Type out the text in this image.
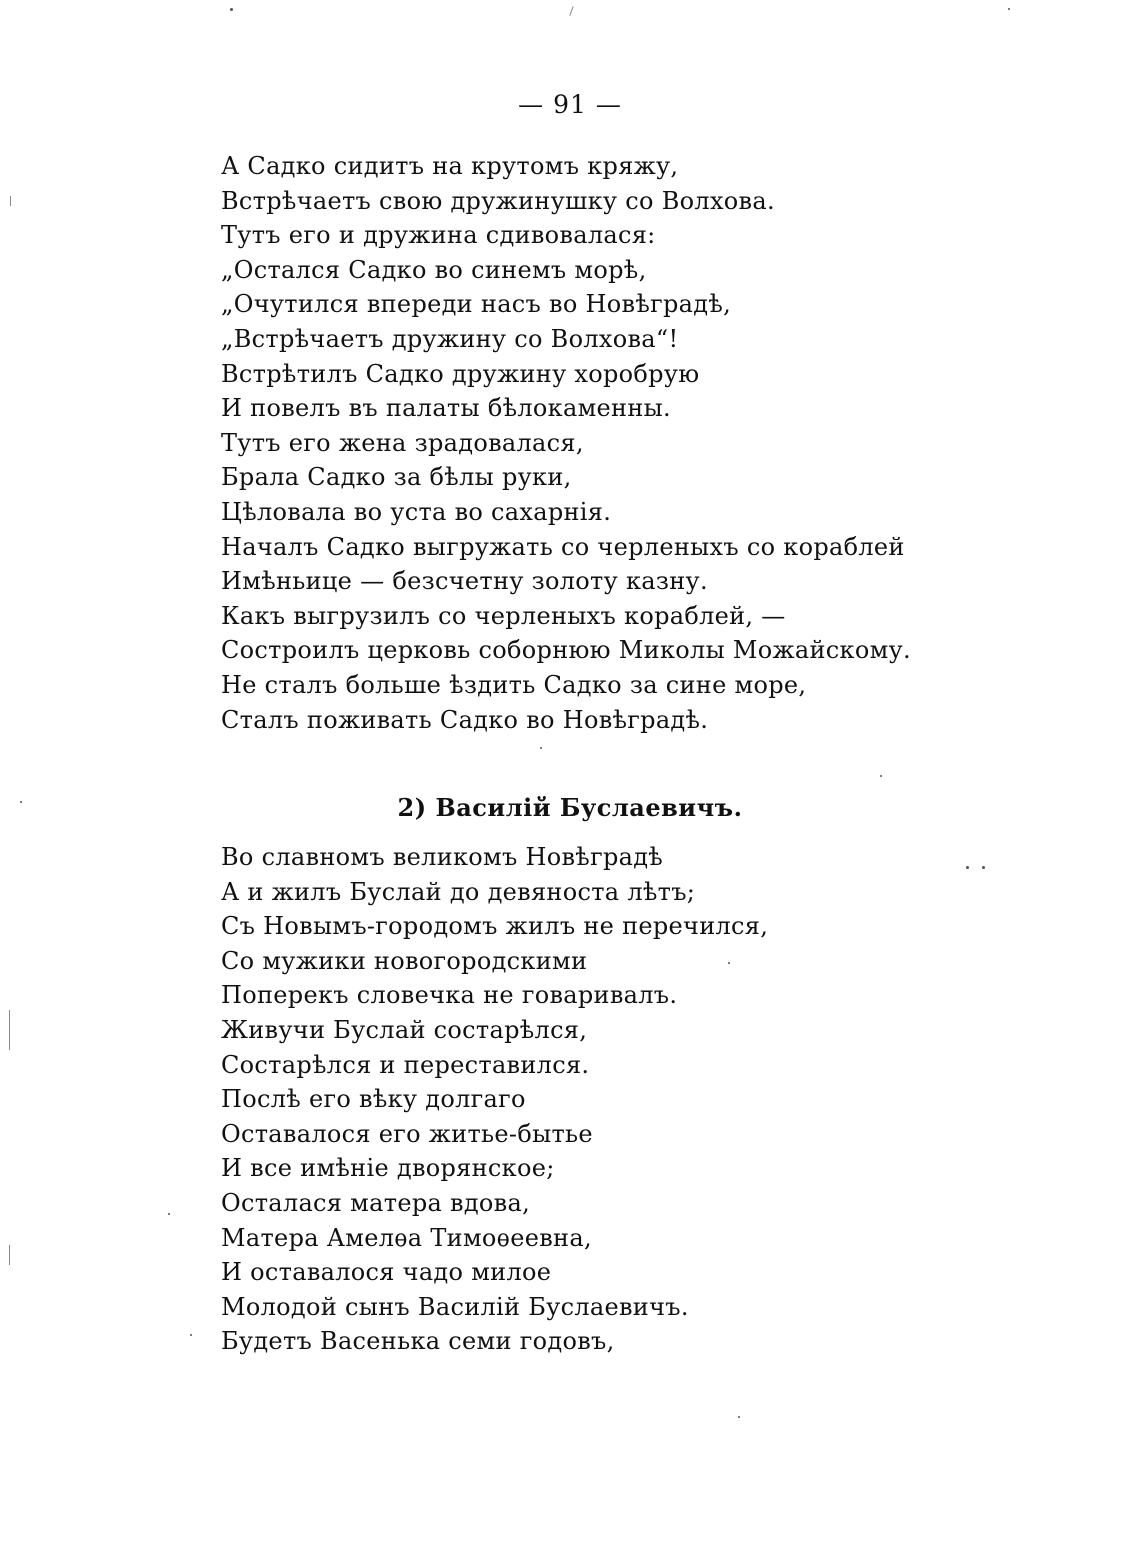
— 91 —
А Садко сидитъ на крутомъ кряжу,
Встрѣчаетъ свою дружинушку со Волхова.
Тутъ его и дружина сдивовалася:
„Остался Садко во синемъ морѣ,
„Очутился впереди насъ во Новѣградѣ,
„Встрѣчаетъ дружину со Волхова“!
Встрѣтилъ Садко дружину хоробрую
И повелъ въ палаты бѣлокаменны.
Тутъ его жена зрадовалася,
Брала Садко за бѣлы руки,
Цѣловала во уста во сахарнія.
Началъ Садко выгружать со черленыхъ со кораблей
Имѣньице — безсчетну золоту казну.
Какъ выгрузилъ со черленыхъ кораблей, —
Состроилъ церковь соборнюю Миколы Можайскому.
Не сталъ больше ѣздить Садко за сине море,
Сталъ поживать Садко во Новѣградѣ.
2) Василій Буслаевичъ.
Во славномъ великомъ Новѣградѣ
А и жилъ Буслай до девяноста лѣтъ;
Съ Новымъ-городомъ жилъ не перечился,
Со мужики новогородскими
Поперекъ словечка не говаривалъ.
Живучи Буслай состарѣлся,
Состарѣлся и переставился.
Послѣ его вѣку долгаго
Оставалося его житье-бытье
И все имѣніе дворянское;
Осталася матера вдова,
Матера Амелѳа Тимоѳеевна,
И оставалося чадо милое
Молодой сынъ Василій Буслаевичъ.
Будетъ Васенька семи годовъ,
